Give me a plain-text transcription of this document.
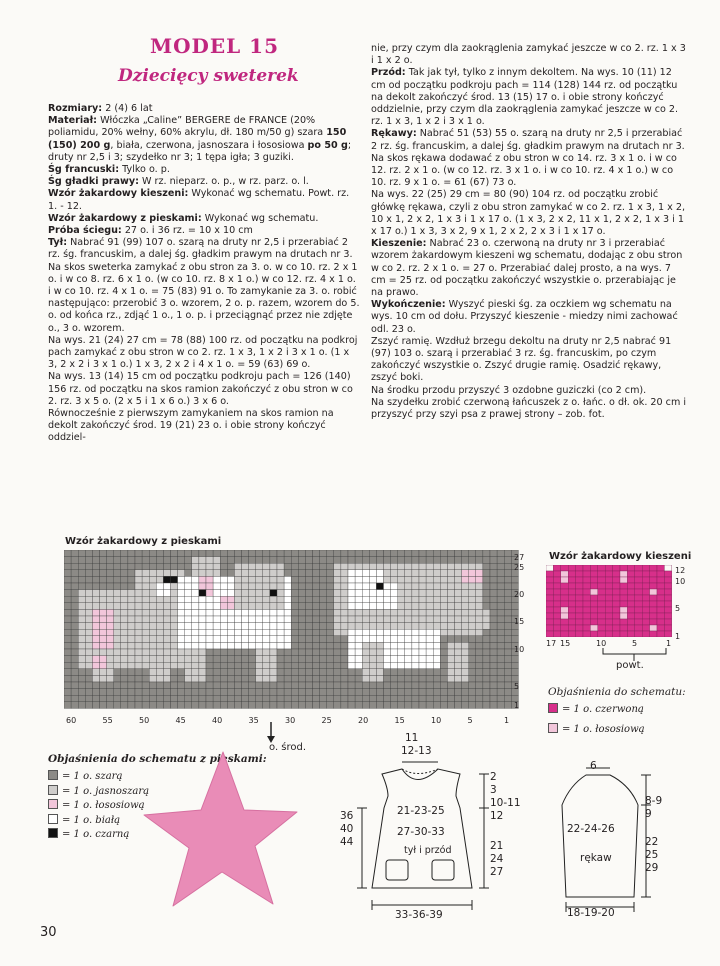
MODEL 15
Dziecięcy sweterek

Rozmiary: 2 (4) 6 lat

Materiał: Włóczka „Caline” BERGERE de FRANCE (20% poliamidu, 20% wełny, 60% akrylu, dł. 180 m/50 g) szara 150 (150) 200 g, biała, czerwona, jasnoszara i łososiowa po 50 g; druty nr 2,5 i 3; szydełko nr 3; 1 tępa igła; 3 guziki.

Śg francuski: Tylko o. p.

Śg gładki prawy: W rz. nieparz. o. p., w rz. parz. o. l.

Wzór żakardowy kieszeni: Wykonać wg schematu. Powt. rz. 1. - 12.

Wzór żakardowy z pieskami: Wykonać wg schematu.

Próba ściegu: 27 o. i 36 rz. = 10 x 10 cm

Tył: Nabrać 91 (99) 107 o. szarą na druty nr 2,5 i przerabiać 2 rz. śg. francuskim, a dalej śg. gładkim prawym na drutach nr 3. Na skos sweterka zamykać z obu stron za 3. o. w co 10. rz. 2 x 1 o. i w co 8. rz. 6 x 1 o. (w co 10. rz. 8 x 1 o.) w co 12. rz. 4 x 1 o. i w co 10. rz. 4 x 1 o. = 75 (83) 91 o. To zamykanie za 3. o. robić następująco: przerobić 3 o. wzorem, 2 o. p. razem, wzorem do 5. o. od końca rz., zdjąć 1 o., 1 o. p. i przeciągnąć przez nie zdjęte o., 3 o. wzorem.

Na wys. 21 (24) 27 cm = 78 (88) 100 rz. od początku na podkroj pach zamykać z obu stron w co 2. rz. 1 x 3, 1 x 2 i 3 x 1 o. (1 x 3, 2 x 2 i 3 x 1 o.) 1 x 3, 2 x 2 i 4 x 1 o. = 59 (63) 69 o.

Na wys. 13 (14) 15 cm od początku podkroju pach = 126 (140) 156 rz. od początku na skos ramion zakończyć z obu stron w co 2. rz. 3 x 5 o. (2 x 5 i 1 x 6 o.) 3 x 6 o.

Równocześnie z pierwszym zamykaniem na skos ramion na dekolt zakończyć środ. 19 (21) 23 o. i obie strony kończyć oddziel-

nie, przy czym dla zaokrąglenia zamykać jeszcze w co 2. rz. 1 x 3 i 1 x 2 o.

Przód: Tak jak tył, tylko z innym dekoltem. Na wys. 10 (11) 12 cm od początku podkroju pach = 114 (128) 144 rz. od początku na dekolt zakończyć środ. 13 (15) 17 o. i obie strony kończyć oddzielnie, przy czym dla zaokrąglenia zamykać jeszcze w co 2. rz. 1 x 3, 1 x 2 i 3 x 1 o.

Rękawy: Nabrać 51 (53) 55 o. szarą na druty nr 2,5 i przerabiać 2 rz. śg. francuskim, a dalej śg. gładkim prawym na drutach nr 3. Na skos rękawa dodawać z obu stron w co 14. rz. 3 x 1 o. i w co 12. rz. 2 x 1 o. (w co 12. rz. 3 x 1 o. i w co 10. rz. 4 x 1 o.) w co 10. rz. 9 x 1 o. = 61 (67) 73 o.

Na wys. 22 (25) 29 cm = 80 (90) 104 rz. od początku zrobić główkę rękawa, czyli z obu stron zamykać w co 2. rz. 1 x 3, 1 x 2, 10 x 1, 2 x 2, 1 x 3 i 1 x 17 o. (1 x 3, 2 x 2, 11 x 1, 2 x 2, 1 x 3 i 1 x 17 o.) 1 x 3, 3 x 2, 9 x 1, 2 x 2, 2 x 3 i 1 x 17 o.

Kieszenie: Nabrać 23 o. czerwoną na druty nr 3 i przerabiać wzorem żakardowym kieszeni wg schematu, dodając z obu stron w co 2. rz. 2 x 1 o. = 27 o. Przerabiać dalej prosto, a na wys. 7 cm = 25 rz. od początku zakończyć wszystkie o. przerabiając je na prawo.

Wykończenie: Wyszyć pieski śg. za oczkiem wg schematu na wys. 10 cm od dołu. Przyszyć kieszenie - miedzy nimi zachować odl. 23 o.

Zszyć ramię. Wzdłuż brzegu dekoltu na druty nr 2,5 nabrać 91 (97) 103 o. szarą i przerabiać 3 rz. śg. francuskim, po czym zakończyć wszystkie o. Zszyć drugie ramię. Osadzić rękawy, zszyć boki.

Na środku przodu przyszyć 3 ozdobne guziczki (co 2 cm).

Na szydełku zrobić czerwoną łańcuszek z o. łańc. o dł. ok. 20 cm i przyszyć przy szyi psa z prawej strony – zob. fot.

Wzór żakardowy z pieskami
60	55	50	45	40	35	30	25	20	15	10	5	1
27
25
20
15
10
5
1
o. środ.
Wzór żakardowy kieszeni
12
10
5
1
17 15	10	5	1
powt.
Objaśnienia do schematu:
= 1 o. czerwoną
= 1 o. łososiową
Objaśnienia do schematu z pieskami:
= 1 o. szarą
= 1 o. jasnoszarą
= 1 o. łososiową
= 1 o. białą
= 1 o. czarną
11
12-13
2
3
10-11
12
21
24
27
36
40
44
21-23-25
27-30-33
tył i przód
33-36-39
6
8-9
9
22
25
29
22-24-26
rękaw
18-19-20
30
